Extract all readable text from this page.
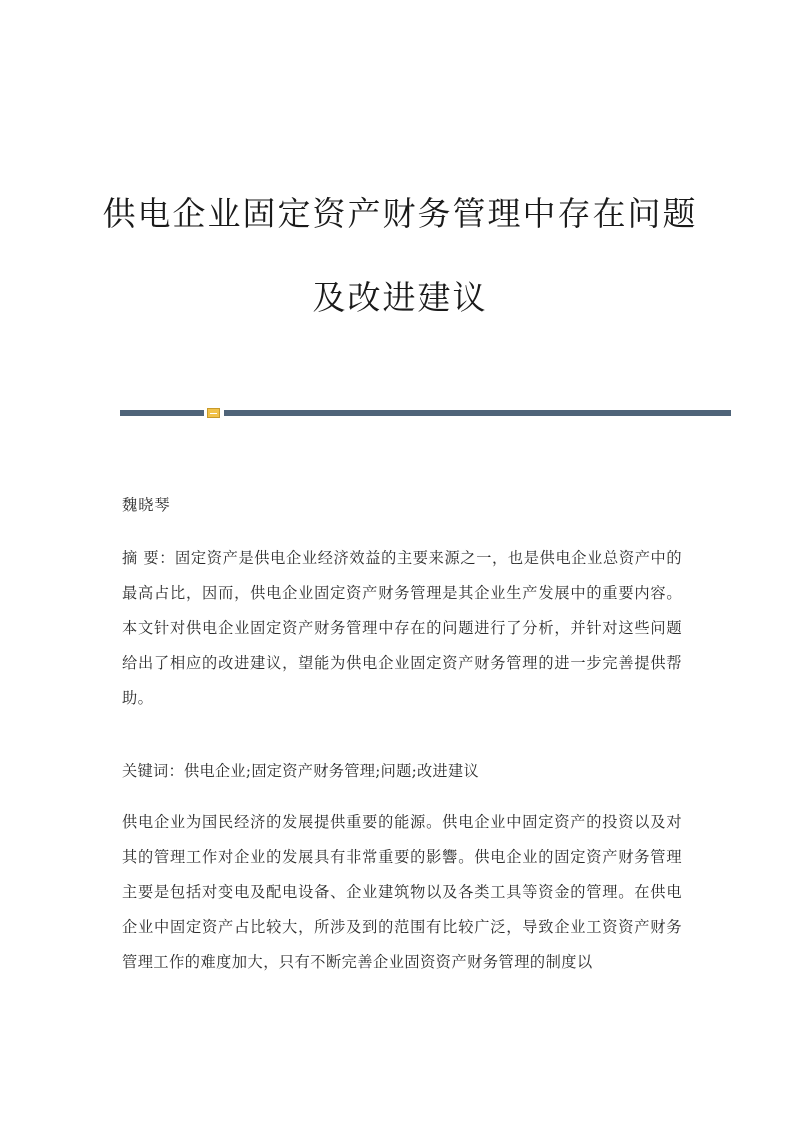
供电企业固定资产财务管理中存在问题
及改进建议

魏晓琴

摘 要：固定资产是供电企业经济效益的主要来源之一，也是供电企业总资产中的最高占比，因而，供电企业固定资产财务管理是其企业生产发展中的重要内容。本文针对供电企业固定资产财务管理中存在的问题进行了分析，并针对这些问题给出了相应的改进建议，望能为供电企业固定资产财务管理的进一步完善提供帮助。

关键词：供电企业;固定资产财务管理;问题;改进建议

供电企业为国民经济的发展提供重要的能源。供电企业中固定资产的投资以及对其的管理工作对企业的发展具有非常重要的影響。供电企业的固定资产财务管理主要是包括对变电及配电设备、企业建筑物以及各类工具等资金的管理。在供电企业中固定资产占比较大，所涉及到的范围有比较广泛，导致企业工资资产财务管理工作的难度加大，只有不断完善企业固资资产财务管理的制度以
